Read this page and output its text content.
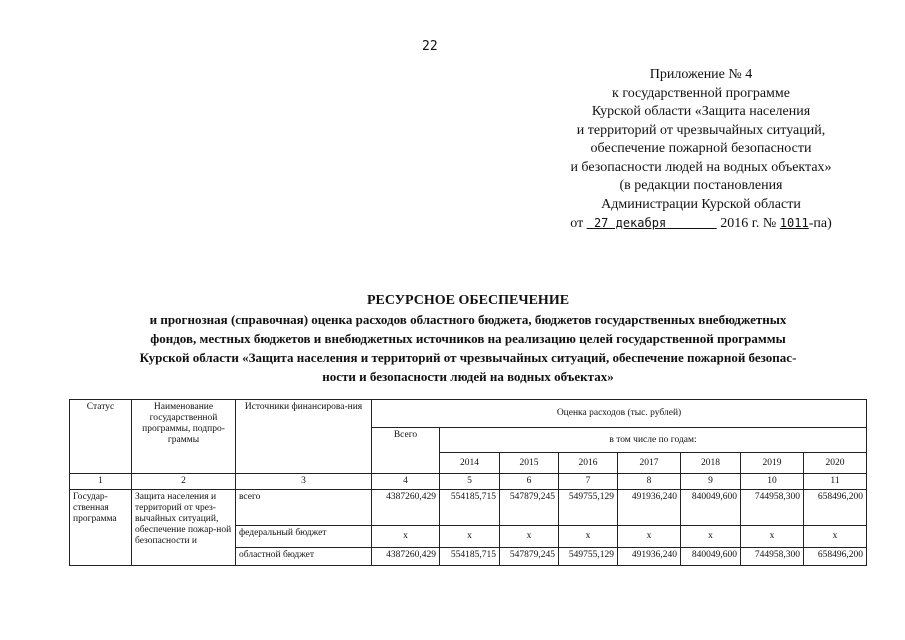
22
Приложение № 4
к государственной программе
Курской области «Защита населения
и территорий от чрезвычайных ситуаций,
обеспечение пожарной безопасности
и безопасности людей на водных объектах»
(в редакции постановления
Администрации Курской области
от 27 декабря	2016 г. № 1011-па)
РЕСУРСНОЕ ОБЕСПЕЧЕНИЕ
и прогнозная (справочная) оценка расходов областного бюджета, бюджетов государственных внебюджетных
фондов, местных бюджетов и внебюджетных источников на реализацию целей государственной программы
Курской области «Защита населения и территорий от чрезвычайных ситуаций, обеспечение пожарной безопас-
ности и безопасности людей на водных объектах»
Статус	Наименование государственной программы, подпро-граммы	Источники финансирова-ния	Оценка расходов (тыс. рублей)							
			Всего	в том числе по годам:						
				2014	2015	2016	2017	2018	2019	2020
1	2	3	4	5	6	7	8	9	10	11
Государ-ственная программа	Защита населения и территорий от чрез-вычайных ситуаций, обеспечение пожар-ной безопасности и	всего	4387260,429	554185,715	547879,245	549755,129	491936,240	840049,600	744958,300	658496,200
		федеральный бюджет	х	х	х	х	х	х	х	х
		областной бюджет	4387260,429	554185,715	547879,245	549755,129	491936,240	840049,600	744958,300	658496,200
